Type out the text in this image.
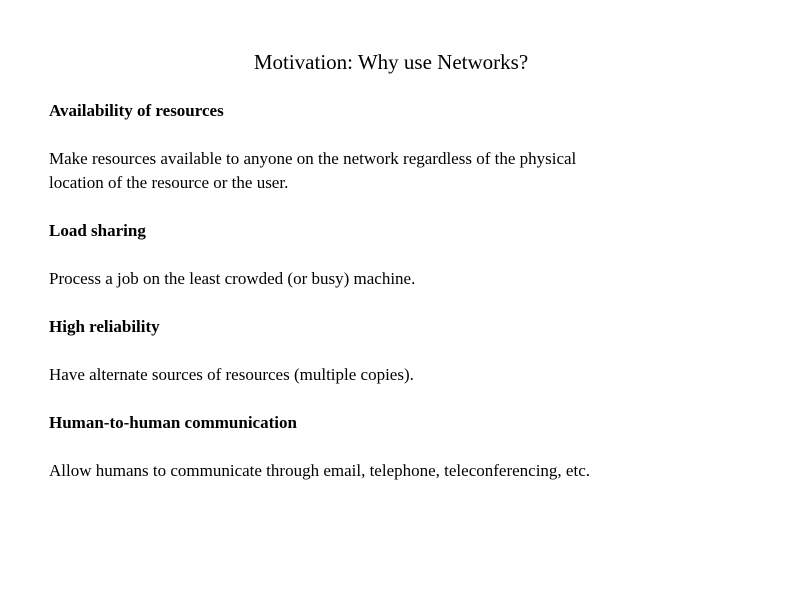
Motivation: Why use Networks?
Availability of resources
Make resources available to anyone on the network regardless of the physical
location of the resource or the user.
Load sharing
Process a job on the least crowded (or busy) machine.
High reliability
Have alternate sources of resources (multiple copies).
Human-to-human communication
Allow humans to communicate through email, telephone, teleconferencing, etc.
